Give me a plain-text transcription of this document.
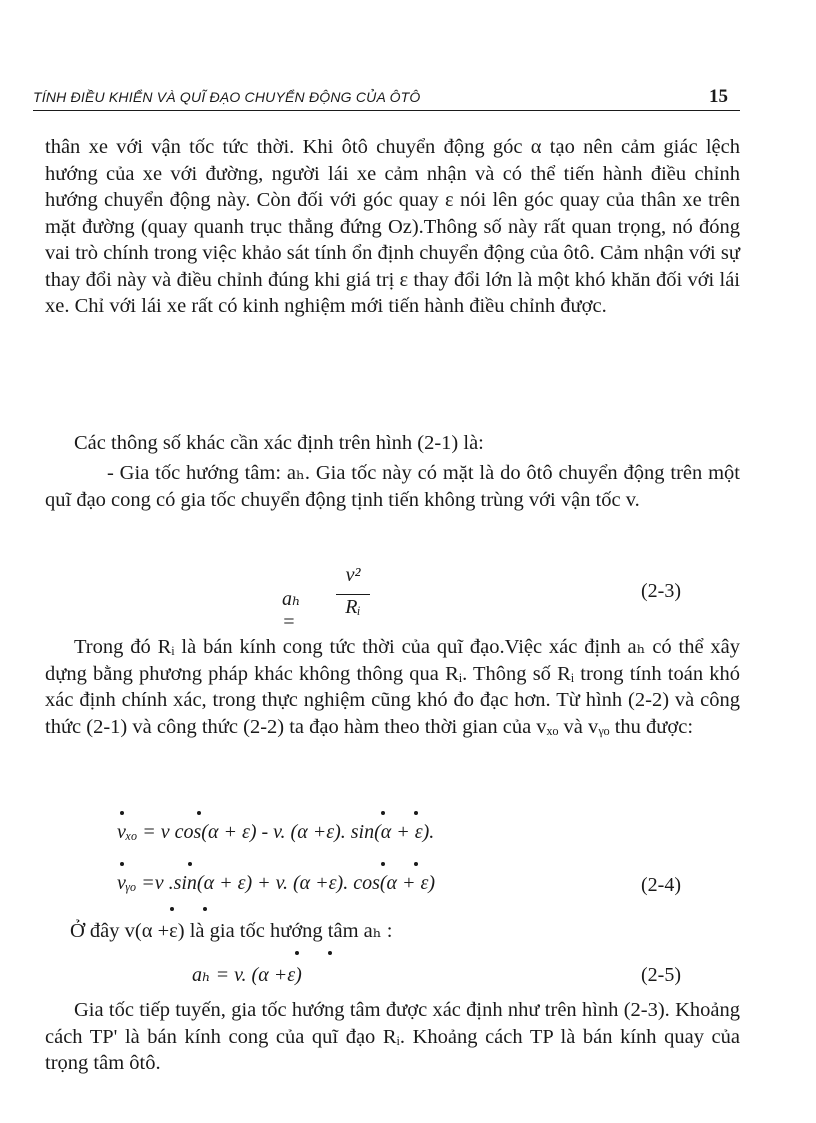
TÍNH ĐIỀU KHIỂN VÀ QUĨ ĐẠO CHUYỂN ĐỘNG CỦA ÔTÔ	15

thân xe với vận tốc tức thời. Khi ôtô chuyển động góc α tạo nên cảm giác lệch hướng của xe với đường, người lái xe cảm nhận và có thể tiến hành điều chỉnh hướng chuyển động này. Còn đối với góc quay ε nói lên góc quay của thân xe trên mặt đường (quay quanh trục thẳng đứng Oz).Thông số này rất quan trọng, nó đóng vai trò chính trong việc khảo sát tính ổn định chuyển động của ôtô. Cảm nhận với sự thay đổi này và điều chỉnh đúng khi giá trị ε thay đổi lớn là một khó khăn đối với lái xe. Chỉ với lái xe rất có kinh nghiệm mới tiến hành điều chỉnh được.

Các thông số khác cần xác định trên hình (2-1) là:

- Gia tốc hướng tâm: aₕ. Gia tốc này có mặt là do ôtô chuyển động trên một quĩ đạo cong có gia tốc chuyển động tịnh tiến không trùng với vận tốc v.

aₕ =
v²
Rᵢ
(2-3)

Trong đó Rᵢ là bán kính cong tức thời của quĩ đạo.Việc xác định aₕ có thể xây dựng bằng phương pháp khác không thông qua Rᵢ. Thông số Rᵢ trong tính toán khó xác định chính xác, trong thực nghiệm cũng khó đo đạc hơn. Từ hình (2-2) và công thức (2-1) và công thức (2-2) ta đạo hàm theo thời gian của vₓₒ và vᵧₒ thu được:

vₓₒ = v cos(α + ε) - v. (α +ε). sin(α + ε).
vᵧₒ =v .sin(α + ε) + v. (α +ε). cos(α + ε)	(2-4)
Ở đây v(α +ε) là gia tốc hướng tâm aₕ :
aₕ = v. (α +ε)	(2-5)

Gia tốc tiếp tuyến, gia tốc hướng tâm được xác định như trên hình (2-3). Khoảng cách TP' là bán kính cong của quĩ đạo Rᵢ. Khoảng cách TP là bán kính quay của trọng tâm ôtô.
